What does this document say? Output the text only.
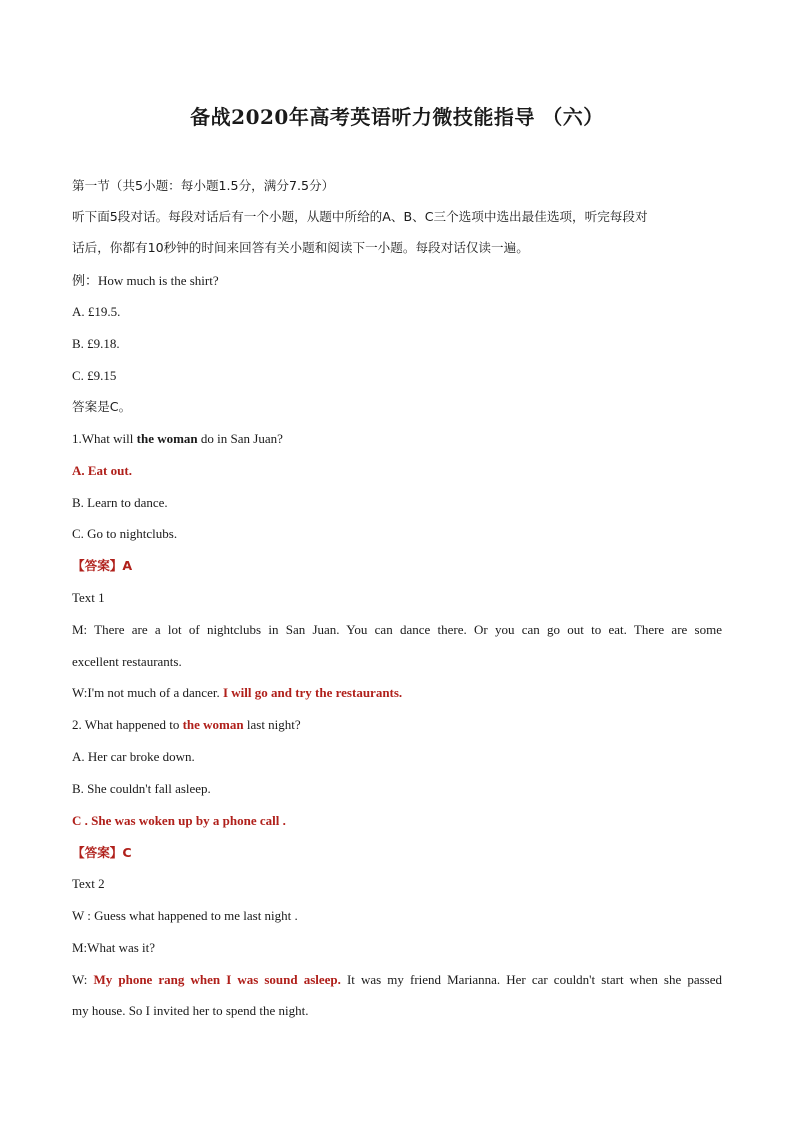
备战2020年高考英语听力微技能指导 （六）
第一节（共5小题：每小题1.5分，满分7.5分）
听下面5段对话。每段对话后有一个小题，从题中所给的A、B、C三个选项中选出最佳选项，听完每段对
话后，你都有10秒钟的时间来回答有关小题和阅读下一小题。每段对话仅读一遍。
例：How much is the shirt?
A. £19.5.
B. £9.18.
C. £9.15
答案是C。
1.What will the woman do in San Juan?
A. Eat out.
B. Learn to dance.
C. Go to nightclubs.
【答案】A
Text 1
M: There are a lot of nightclubs in San Juan. You can dance there. Or you can go out to eat. There are some
excellent restaurants.
W:I'm not much of a dancer. I will go and try the restaurants.
2. What happened to the woman last night?
A. Her car broke down.
B. She couldn't fall asleep.
C . She was woken up by a phone call .
【答案】C
Text 2
W : Guess what happened to me last night .
M:What was it?
W: My phone rang when I was sound asleep. It was my friend Marianna. Her car couldn't start when she passed
my house. So I invited her to spend the night.
